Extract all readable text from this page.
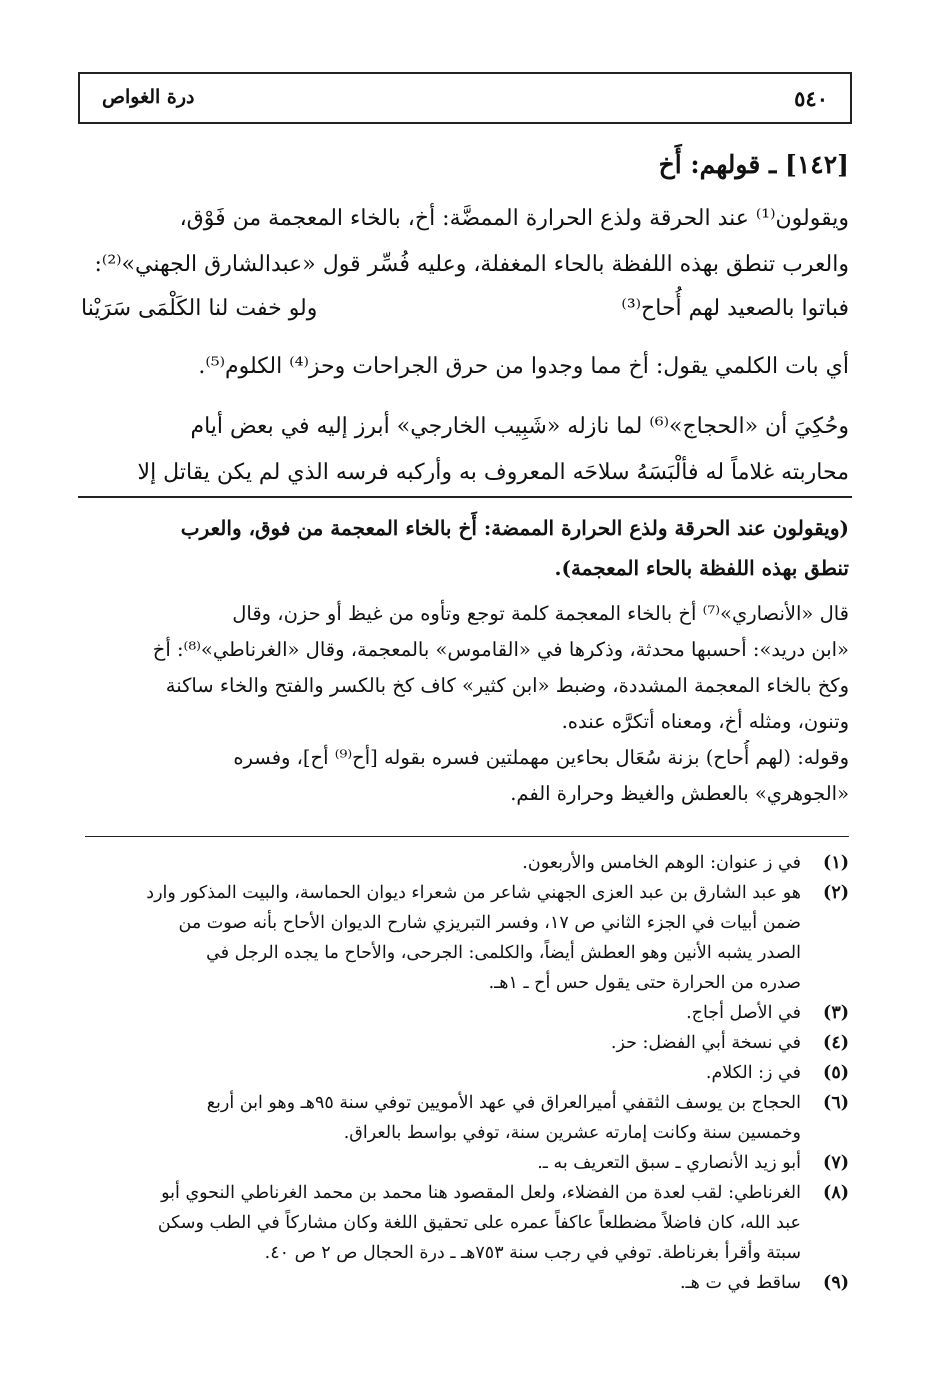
٥٤٠
درة الغواص
[١٤٢] ـ قولهم: أَخ
ويقولون⁽¹⁾ عند الحرقة ولذع الحرارة الممضَّة: أخ، بالخاء المعجمة من فَوْق،
والعرب تنطق بهذه اللفظة بالحاء المغفلة، وعليه فُسِّر قول «عبدالشارق الجهني»⁽²⁾:
فباتوا بالصعيد لهم أُحاح⁽³⁾
ولو خفت لنا الكَلْمَى سَرَيْنا
أي بات الكلمي يقول: أخ مما وجدوا من حرق الجراحات وحز⁽⁴⁾ الكلوم⁽⁵⁾.
وحُكِيَ أن «الحجاج»⁽⁶⁾ لما نازله «شَبِيب الخارجي» أبرز إليه في بعض أيام
محاربته غلاماً له فألْبَسَهُ سلاحَه المعروف به وأركبه فرسه الذي لم يكن يقاتل إلا
(ويقولون عند الحرقة ولذع الحرارة الممضة: أَخ بالخاء المعجمة من فوق، والعرب
تنطق بهذه اللفظة بالحاء المعجمة).
قال «الأنصاري»⁽⁷⁾ أخ بالخاء المعجمة كلمة توجع وتأوه من غيظ أو حزن، وقال
«ابن دريد»: أحسبها محدثة، وذكرها في «القاموس» بالمعجمة، وقال «الغرناطي»⁽⁸⁾: أخ
وكخ بالخاء المعجمة المشددة، وضبط «ابن كثير» كاف كخ بالكسر والفتح والخاء ساكنة
وتنون، ومثله أخ، ومعناه أتكرَّه عنده.
وقوله: (لهم أُحاح) بزنة سُعَال بحاءين مهملتين فسره بقوله [أح⁽⁹⁾ أح]، وفسره
«الجوهري» بالعطش والغيظ وحرارة الفم.
(١)
في ز عنوان: الوهم الخامس والأربعون.
(٢)
هو عبد الشارق بن عبد العزى الجهني شاعر من شعراء ديوان الحماسة، والبيت المذكور وارد
ضمن أبيات في الجزء الثاني ص ١٧، وفسر التبريزي شارح الديوان الأحاح بأنه صوت من
الصدر يشبه الأنين وهو العطش أيضاً، والكلمى: الجرحى، والأحاح ما يجده الرجل في
صدره من الحرارة حتى يقول حس أح ـ ١هـ.
(٣)
في الأصل أجاج.
(٤)
في نسخة أبي الفضل: حز.
(٥)
في ز: الكلام.
(٦)
الحجاج بن يوسف الثقفي أميرالعراق في عهد الأمويين توفي سنة ٩٥هـ وهو ابن أربع
وخمسين سنة وكانت إمارته عشرين سنة، توفي بواسط بالعراق.
(٧)
أبو زيد الأنصاري ـ سبق التعريف به ـ.
(٨)
الغرناطي: لقب لعدة من الفضلاء، ولعل المقصود هنا محمد بن محمد الغرناطي النحوي أبو
عبد الله، كان فاضلاً مضطلعاً عاكفاً عمره على تحقيق اللغة وكان مشاركاً في الطب وسكن
سبتة وأقرأ بغرناطة. توفي في رجب سنة ٧٥٣هـ ـ درة الحجال ص ٢ ص ٤٠.
(٩)
ساقط في ت هـ.
